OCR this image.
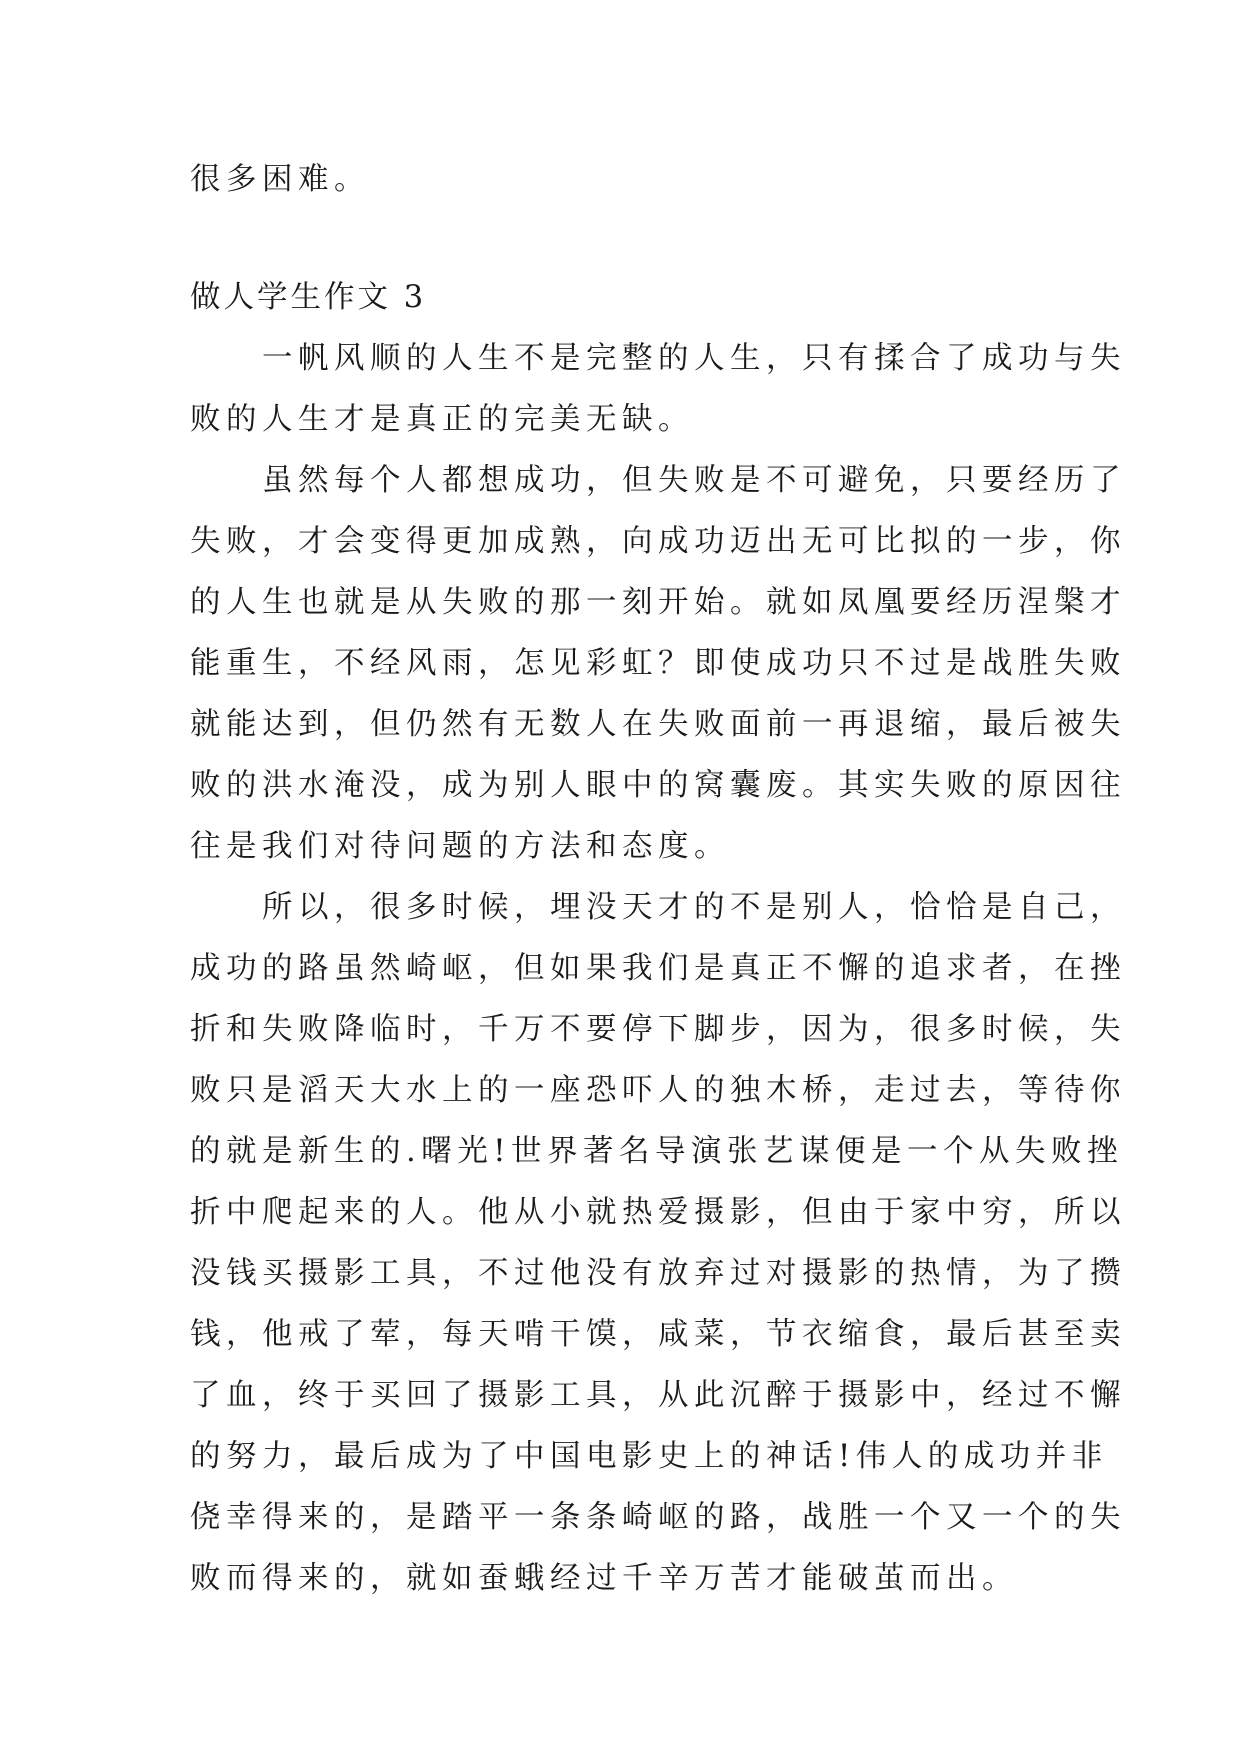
很多困难。
做人学生作文 3
　　一帆风顺的人生不是完整的人生，只有揉合了成功与失
败的人生才是真正的完美无缺。
　　虽然每个人都想成功，但失败是不可避免，只要经历了
失败，才会变得更加成熟，向成功迈出无可比拟的一步，你
的人生也就是从失败的那一刻开始。就如凤凰要经历涅槃才
能重生，不经风雨，怎见彩虹？即使成功只不过是战胜失败
就能达到，但仍然有无数人在失败面前一再退缩，最后被失
败的洪水淹没，成为别人眼中的窝囊废。其实失败的原因往
往是我们对待问题的方法和态度。
　　所以，很多时候，埋没天才的不是别人，恰恰是自己，
成功的路虽然崎岖，但如果我们是真正不懈的追求者，在挫
折和失败降临时，千万不要停下脚步，因为，很多时候，失
败只是滔天大水上的一座恐吓人的独木桥，走过去，等待你
的就是新生的.曙光!世界著名导演张艺谋便是一个从失败挫
折中爬起来的人。他从小就热爱摄影，但由于家中穷，所以
没钱买摄影工具，不过他没有放弃过对摄影的热情，为了攒
钱，他戒了荤，每天啃干馍，咸菜，节衣缩食，最后甚至卖
了血，终于买回了摄影工具，从此沉醉于摄影中，经过不懈
的努力，最后成为了中国电影史上的神话!伟人的成功并非
侥幸得来的，是踏平一条条崎岖的路，战胜一个又一个的失
败而得来的，就如蚕蛾经过千辛万苦才能破茧而出。
